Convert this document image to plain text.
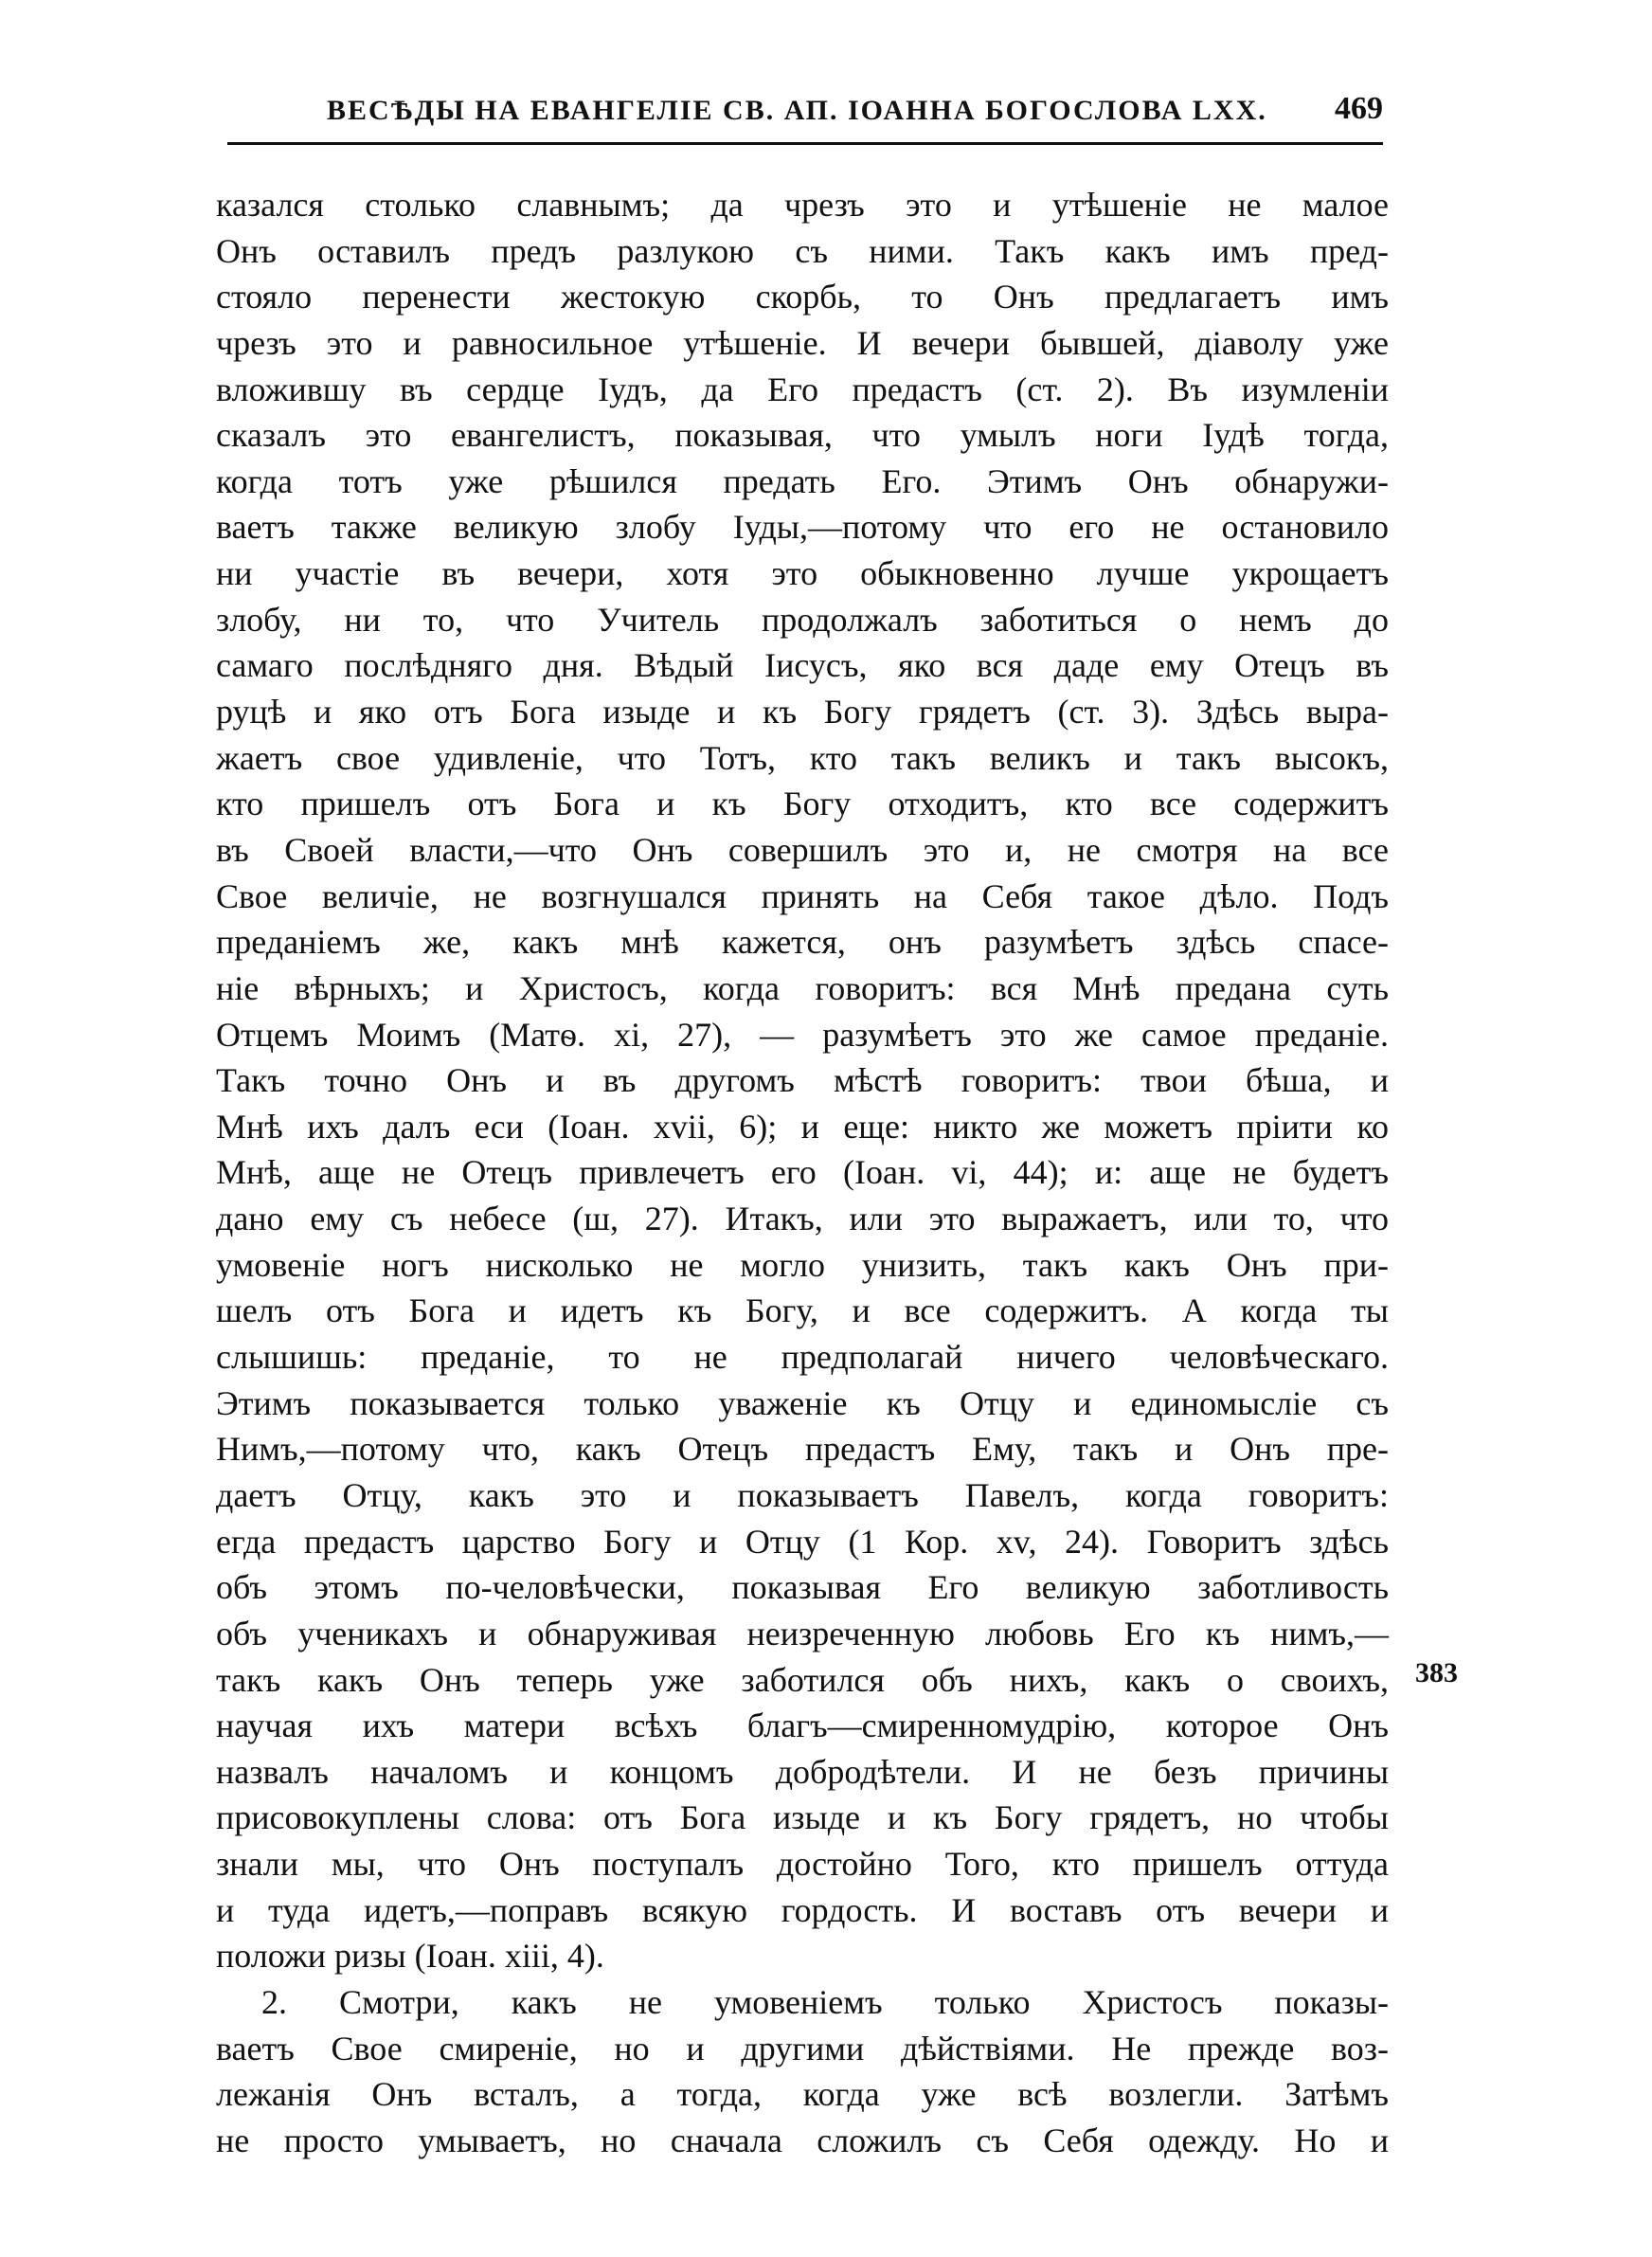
ВЕСѢДЫ НА ЕВАНГЕЛІЕ СВ. АП. ІОАННА БОГОСЛОВА LXX. 469
казался столько славнымъ; да чрезъ это и утѣшеніе не малое
Онъ оставилъ предъ разлукою съ ними. Такъ какъ имъ пред-
стояло перенести жестокую скорбь, то Онъ предлагаетъ имъ
чрезъ это и равносильное утѣшеніе. И вечери бывшей, діаволу уже
вложившу въ сердце Іудъ, да Его предастъ (ст. 2). Въ изумленіи
сказалъ это евангелистъ, показывая, что умылъ ноги Іудѣ тогда,
когда тотъ уже рѣшился предать Его. Этимъ Онъ обнаружи-
ваетъ также великую злобу Іуды,—потому что его не остановило
ни участіе въ вечери, хотя это обыкновенно лучше укрощаетъ
злобу, ни то, что Учитель продолжалъ заботиться о немъ до
самаго послѣдняго дня. Вѣдый Іисусъ, яко вся даде ему Отецъ въ
руцѣ и яко отъ Бога изыде и къ Богу грядетъ (ст. 3). Здѣсь выра-
жаетъ свое удивленіе, что Тотъ, кто такъ великъ и такъ высокъ,
кто пришелъ отъ Бога и къ Богу отходитъ, кто все содержитъ
въ Своей власти,—что Онъ совершилъ это и, не смотря на все
Свое величіе, не возгнушался принять на Себя такое дѣло. Подъ
преданіемъ же, какъ мнѣ кажется, онъ разумѣетъ здѣсь спасе-
ніе вѣрныхъ; и Христосъ, когда говоритъ: вся Мнѣ предана суть
Отцемъ Моимъ (Матѳ. xi, 27), — разумѣетъ это же самое преданіе.
Такъ точно Онъ и въ другомъ мѣстѣ говоритъ: твои бѣша, и
Мнѣ ихъ далъ еси (Іоан. xvii, 6); и еще: никто же можетъ пріити ко
Мнѣ, аще не Отецъ привлечетъ его (Іоан. vi, 44); и: аще не будетъ
дано ему съ небесе (ш, 27). Итакъ, или это выражаетъ, или то, что
умовеніе ногъ нисколько не могло унизить, такъ какъ Онъ при-
шелъ отъ Бога и идетъ къ Богу, и все содержитъ. А когда ты
слышишь: преданіе, то не предполагай ничего человѣческаго.
Этимъ показывается только уваженіе къ Отцу и единомысліе съ
Нимъ,—потому что, какъ Отецъ предастъ Ему, такъ и Онъ пре-
даетъ Отцу, какъ это и показываетъ Павелъ, когда говоритъ:
егда предастъ царство Богу и Отцу (1 Кор. xv, 24). Говоритъ здѣсь
объ этомъ по-человѣчески, показывая Его великую заботливость
объ ученикахъ и обнаруживая неизреченную любовь Его къ нимъ,—
такъ какъ Онъ теперь уже заботился объ нихъ, какъ о своихъ,
научая ихъ матери всѣхъ благъ—смиренномудрію, которое Онъ
назвалъ началомъ и концомъ добродѣтели. И не безъ причины
присовокуплены слова: отъ Бога изыде и къ Богу грядетъ, но чтобы
знали мы, что Онъ поступалъ достойно Того, кто пришелъ оттуда
и туда идетъ,—поправъ всякую гордость. И воставъ отъ вечери и
положи ризы (Іоан. xiii, 4).
2. Смотри, какъ не умовеніемъ только Христосъ показы-
ваетъ Свое смиреніе, но и другими дѣйствіями. Не прежде воз-
лежанія Онъ всталъ, а тогда, когда уже всѣ возлегли. Затѣмъ
не просто умываетъ, но сначала сложилъ съ Себя одежду. Но и
383
